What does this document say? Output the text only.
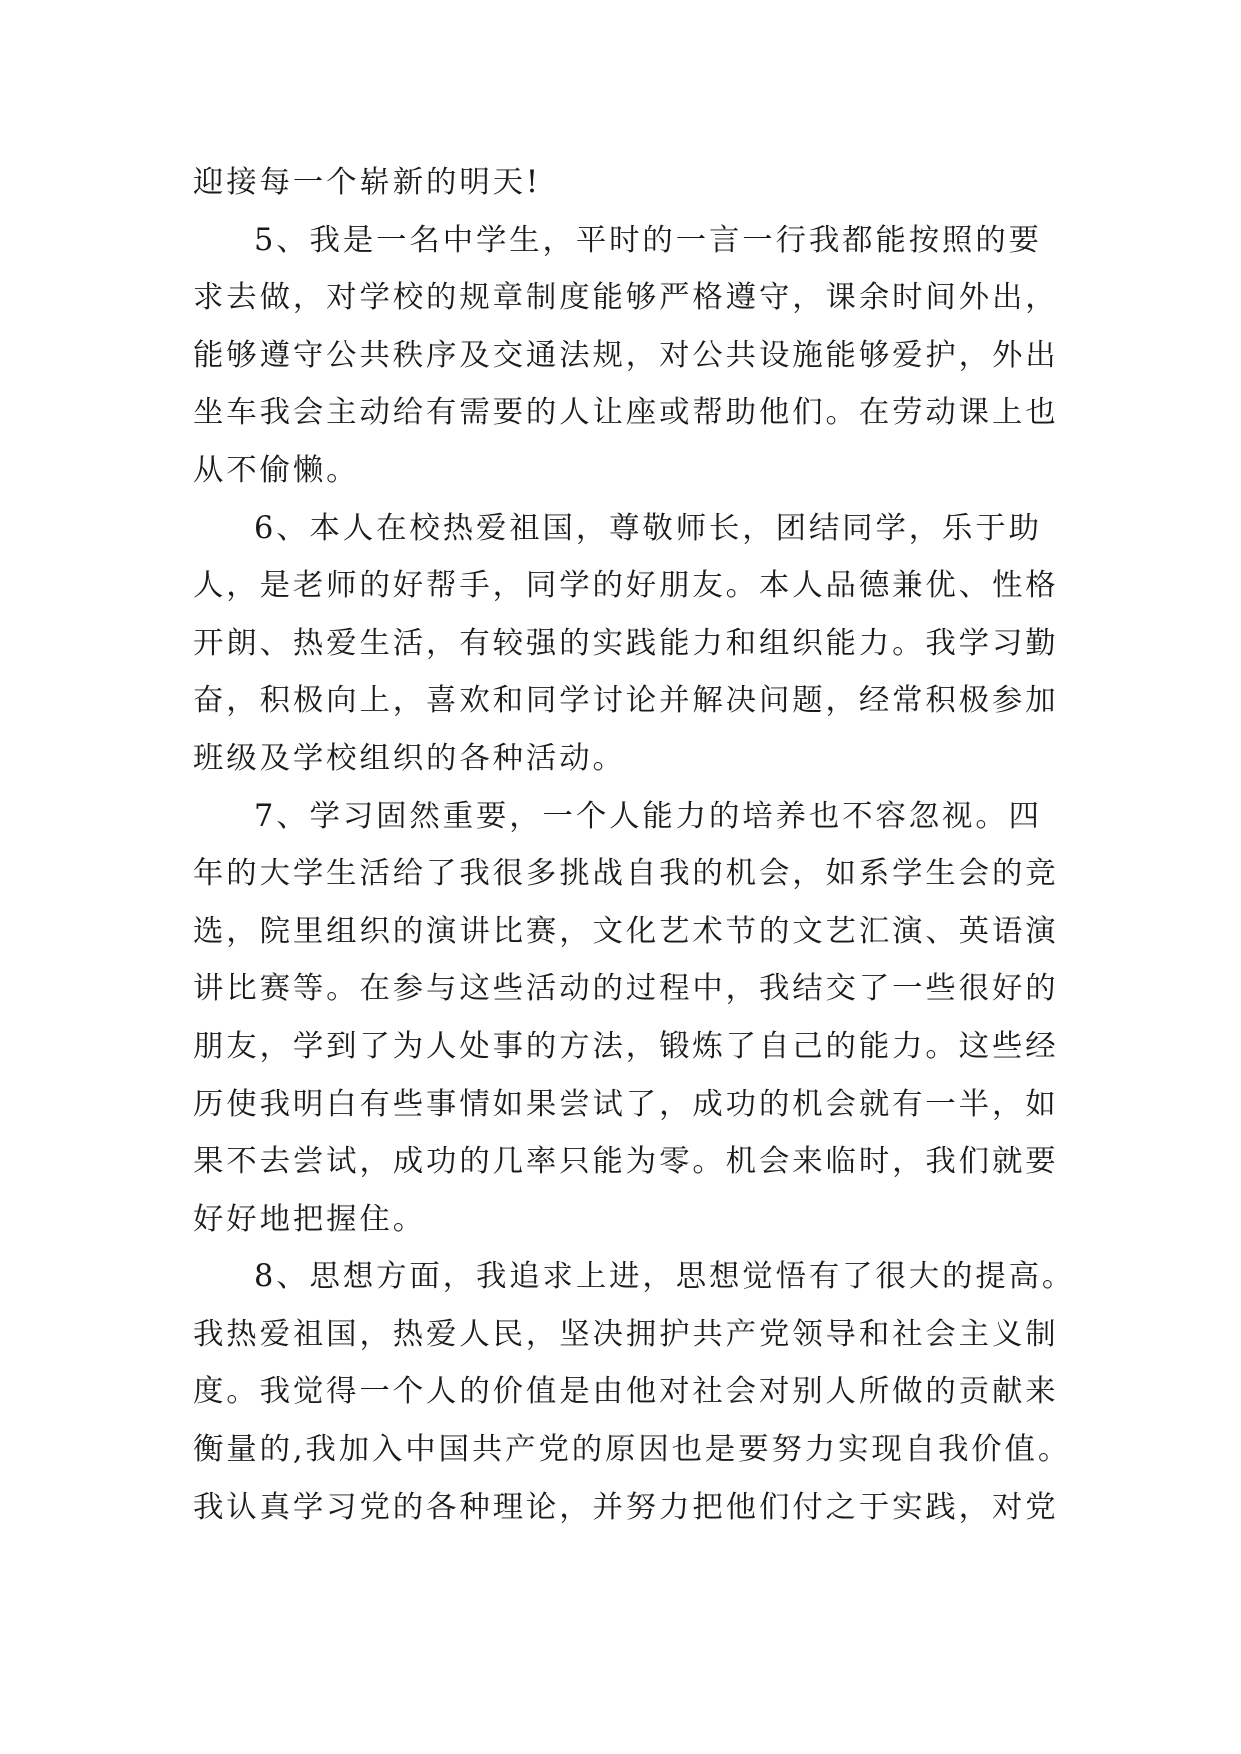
迎接每一个崭新的明天!
5、我是一名中学生，平时的一言一行我都能按照的要
求去做，对学校的规章制度能够严格遵守，课余时间外出，
能够遵守公共秩序及交通法规，对公共设施能够爱护，外出
坐车我会主动给有需要的人让座或帮助他们。在劳动课上也
从不偷懒。
6、本人在校热爱祖国，尊敬师长，团结同学，乐于助
人，是老师的好帮手，同学的好朋友。本人品德兼优、性格
开朗、热爱生活，有较强的实践能力和组织能力。我学习勤
奋，积极向上，喜欢和同学讨论并解决问题，经常积极参加
班级及学校组织的各种活动。
7、学习固然重要，一个人能力的培养也不容忽视。四
年的大学生活给了我很多挑战自我的机会，如系学生会的竞
选，院里组织的演讲比赛，文化艺术节的文艺汇演、英语演
讲比赛等。在参与这些活动的过程中，我结交了一些很好的
朋友，学到了为人处事的方法，锻炼了自己的能力。这些经
历使我明白有些事情如果尝试了，成功的机会就有一半，如
果不去尝试，成功的几率只能为零。机会来临时，我们就要
好好地把握住。
8、思想方面，我追求上进，思想觉悟有了很大的提高。
我热爱祖国，热爱人民，坚决拥护共产党领导和社会主义制
度。我觉得一个人的价值是由他对社会对别人所做的贡献来
衡量的,我加入中国共产党的原因也是要努力实现自我价值。
我认真学习党的各种理论，并努力把他们付之于实践，对党
